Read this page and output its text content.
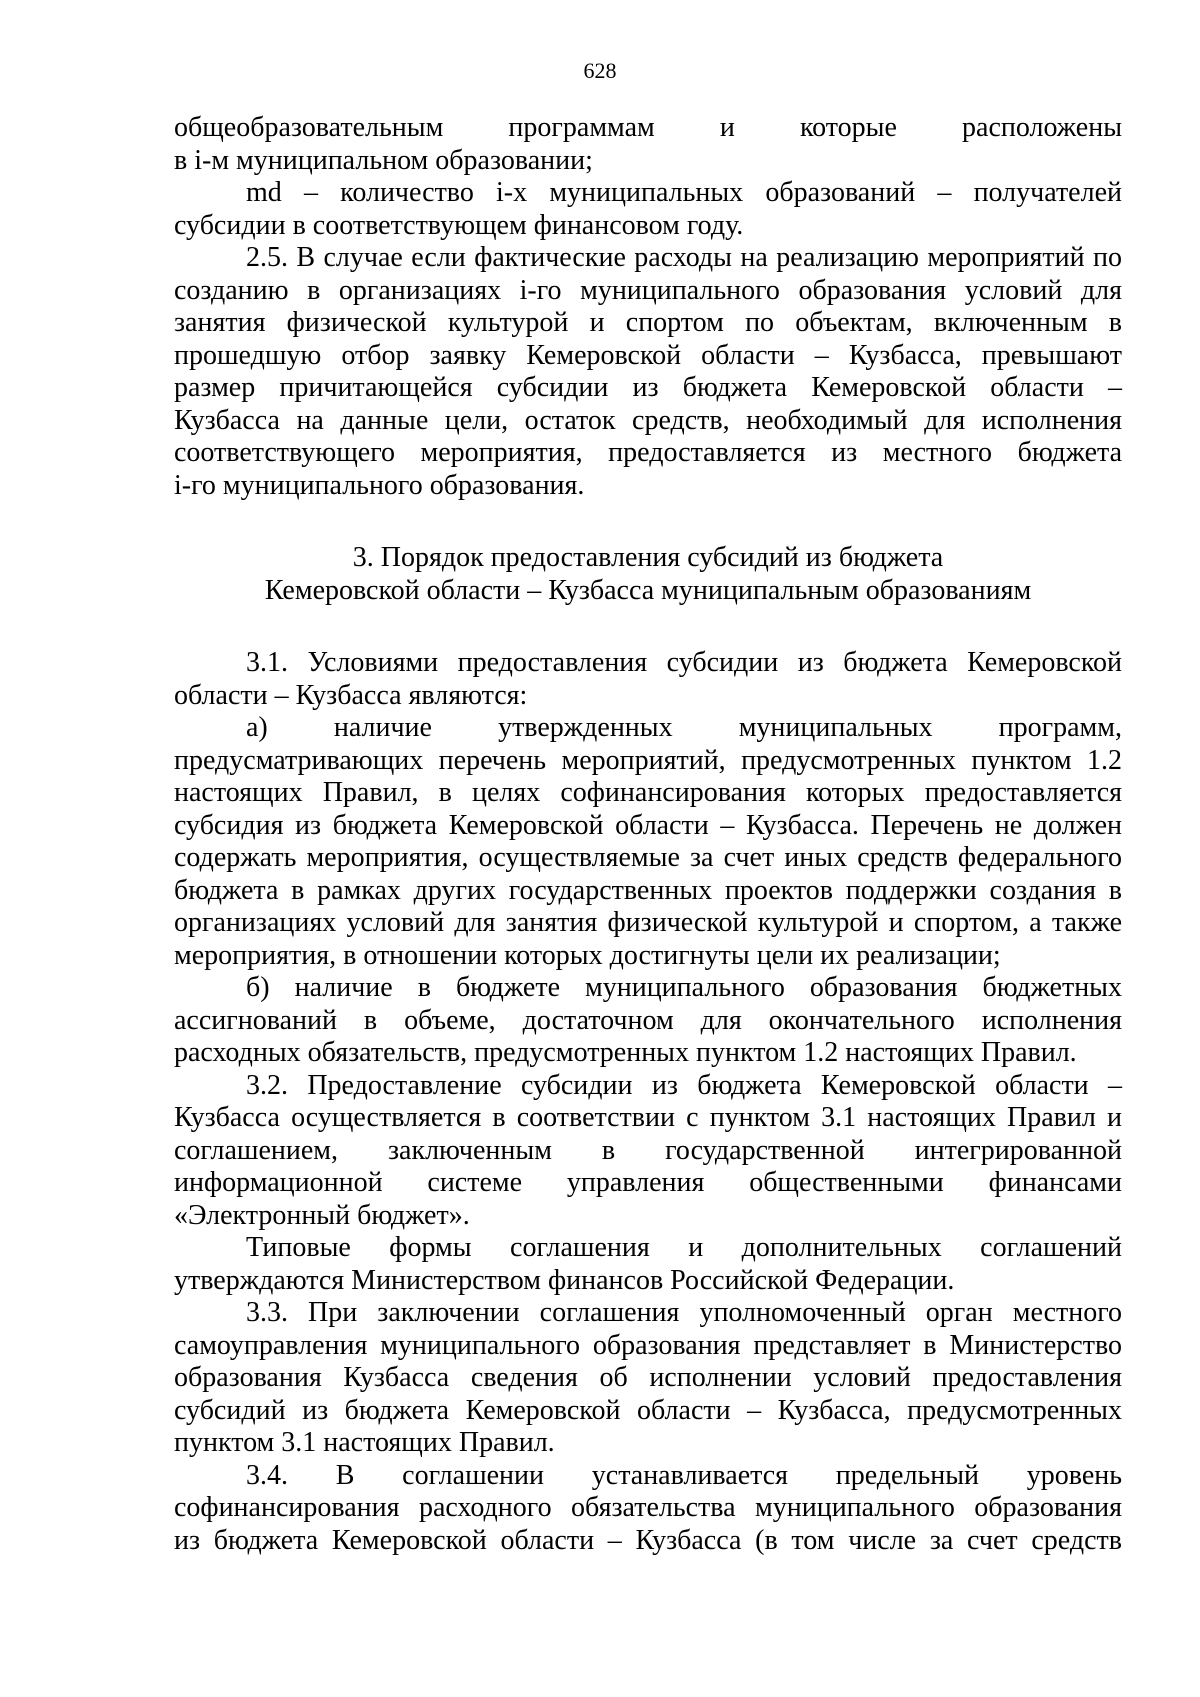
628
общеобразовательным программам и которые расположены
в i-м муниципальном образовании;
md – количество i-х муниципальных образований – получателей
субсидии в соответствующем финансовом году.
2.5. В случае если фактические расходы на реализацию мероприятий по
созданию в организациях i-го муниципального образования условий для
занятия физической культурой и спортом по объектам, включенным в
прошедшую отбор заявку Кемеровской области – Кузбасса, превышают
размер причитающейся субсидии из бюджета Кемеровской области –
Кузбасса на данные цели, остаток средств, необходимый для исполнения
соответствующего мероприятия, предоставляется из местного бюджета
i-го муниципального образования.
3. Порядок предоставления субсидий из бюджета
Кемеровской области – Кузбасса муниципальным образованиям
3.1. Условиями предоставления субсидии из бюджета Кемеровской
области – Кузбасса являются:
а) наличие утвержденных муниципальных программ,
предусматривающих перечень мероприятий, предусмотренных пунктом 1.2
настоящих Правил, в целях софинансирования которых предоставляется
субсидия из бюджета Кемеровской области – Кузбасса. Перечень не должен
содержать мероприятия, осуществляемые за счет иных средств федерального
бюджета в рамках других государственных проектов поддержки создания в
организациях условий для занятия физической культурой и спортом, а также
мероприятия, в отношении которых достигнуты цели их реализации;
б) наличие в бюджете муниципального образования бюджетных
ассигнований в объеме, достаточном для окончательного исполнения
расходных обязательств, предусмотренных пунктом 1.2 настоящих Правил.
3.2. Предоставление субсидии из бюджета Кемеровской области –
Кузбасса осуществляется в соответствии с пунктом 3.1 настоящих Правил и
соглашением, заключенным в государственной интегрированной
информационной системе управления общественными финансами
«Электронный бюджет».
Типовые формы соглашения и дополнительных соглашений
утверждаются Министерством финансов Российской Федерации.
3.3. При заключении соглашения уполномоченный орган местного
самоуправления муниципального образования представляет в Министерство
образования Кузбасса сведения об исполнении условий предоставления
субсидий из бюджета Кемеровской области – Кузбасса, предусмотренных
пунктом 3.1 настоящих Правил.
3.4. В соглашении устанавливается предельный уровень
софинансирования расходного обязательства муниципального образования
из бюджета Кемеровской области – Кузбасса (в том числе за счет средств
